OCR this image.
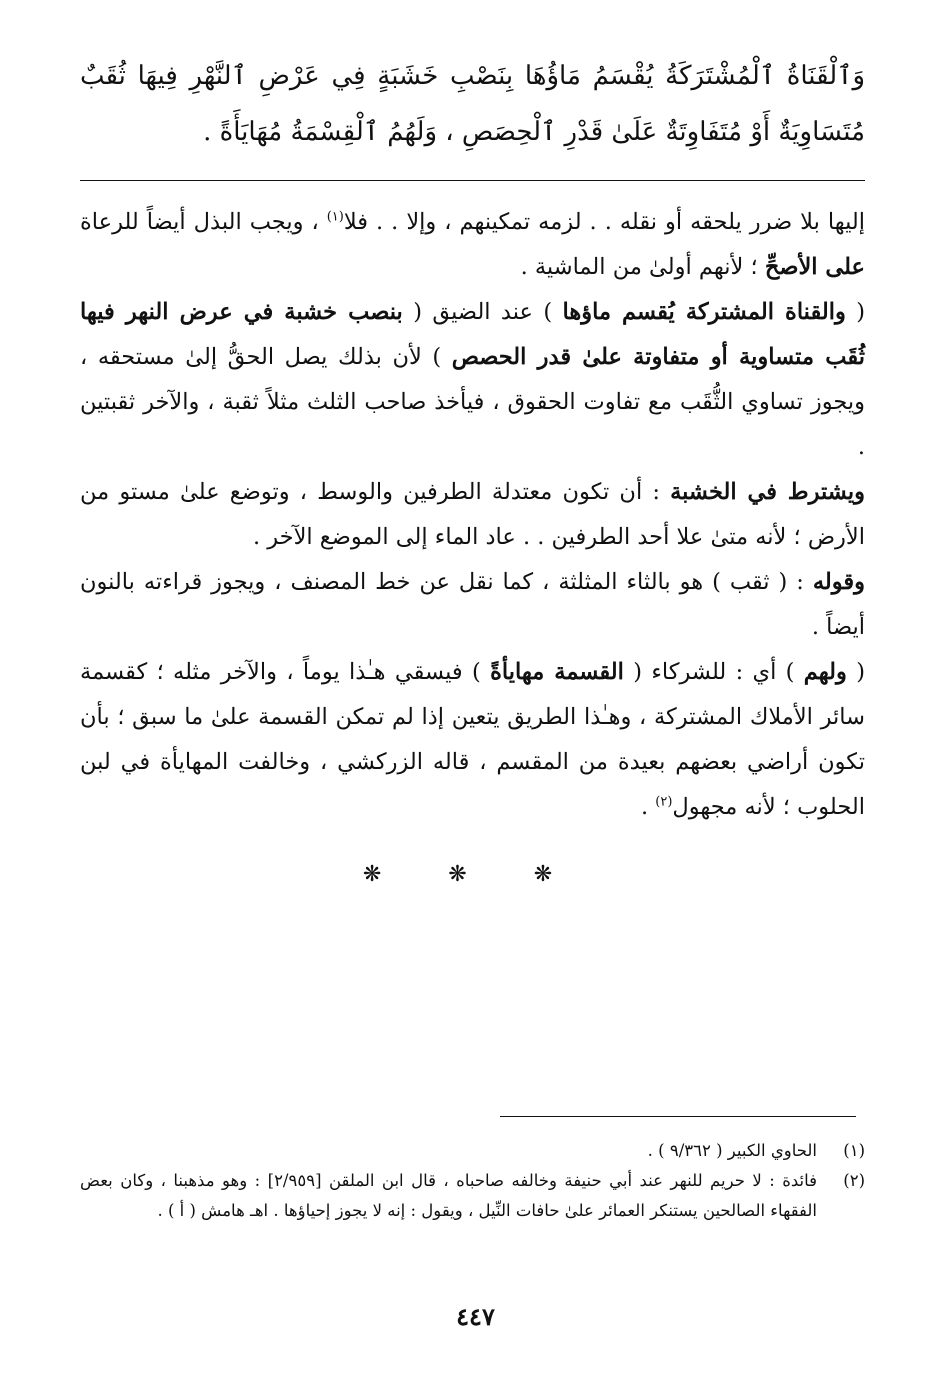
وَٱلْقَنَاةُ ٱلْمُشْتَرَكَةُ يُقْسَمُ مَاؤُهَا بِنَصْبِ خَشَبَةٍ فِي عَرْضِ ٱلنَّهْرِ فِيهَا ثُقَبٌ مُتَسَاوِيَةٌ أَوْ مُتَفَاوِتَةٌ عَلَىٰ قَدْرِ ٱلْحِصَصِ ، وَلَهُمُ ٱلْقِسْمَةُ مُهَايَأَةً .

إليها بلا ضرر يلحقه أو نقله . . لزمه تمكينهم ، وإلا . . فلا$^{(١)}$ ، ويجب البذل أيضاً للرعاة على الأصحِّ ؛ لأنهم أولىٰ من الماشية .

( والقناة المشتركة يُقسم ماؤها ) عند الضيق ( بنصب خشبة في عرض النهر فيها ثُقَب متساوية أو متفاوتة علىٰ قدر الحصص ) لأن بذلك يصل الحقُّ إلىٰ مستحقه ، ويجوز تساوي الثُّقَب مع تفاوت الحقوق ، فيأخذ صاحب الثلث مثلاً ثقبة ، والآخر ثقبتين .

ويشترط في الخشبة : أن تكون معتدلة الطرفين والوسط ، وتوضع علىٰ مستو من الأرض ؛ لأنه متىٰ علا أحد الطرفين . . عاد الماء إلى الموضع الآخر .

وقوله : ( ثقب ) هو بالثاء المثلثة ، كما نقل عن خط المصنف ، ويجوز قراءته بالنون أيضاً .

( ولهم ) أي : للشركاء ( القسمة مهايأةً ) فيسقي هـٰذا يوماً ، والآخر مثله ؛ كقسمة سائر الأملاك المشتركة ، وهـٰذا الطريق يتعين إذا لم تمكن القسمة علىٰ ما سبق ؛ بأن تكون أراضي بعضهم بعيدة من المقسم ، قاله الزركشي ، وخالفت المهايأة في لبن الحلوب ؛ لأنه مجهول$^{(٢)}$ .

❋ ❋ ❋
(١)
الحاوي الكبير ( ٩/٣٦٢ ) .
(٢)
فائدة : لا حريم للنهر عند أبي حنيفة وخالفه صاحباه ، قال ابن الملقن [٢/٩٥٩] : وهو مذهبنا ، وكان بعض الفقهاء الصالحين يستنكر العمائر علىٰ حافات النِّيل ، ويقول : إنه لا يجوز إحياؤها . اهـ هامش ( أ ) .
٤٤٧
